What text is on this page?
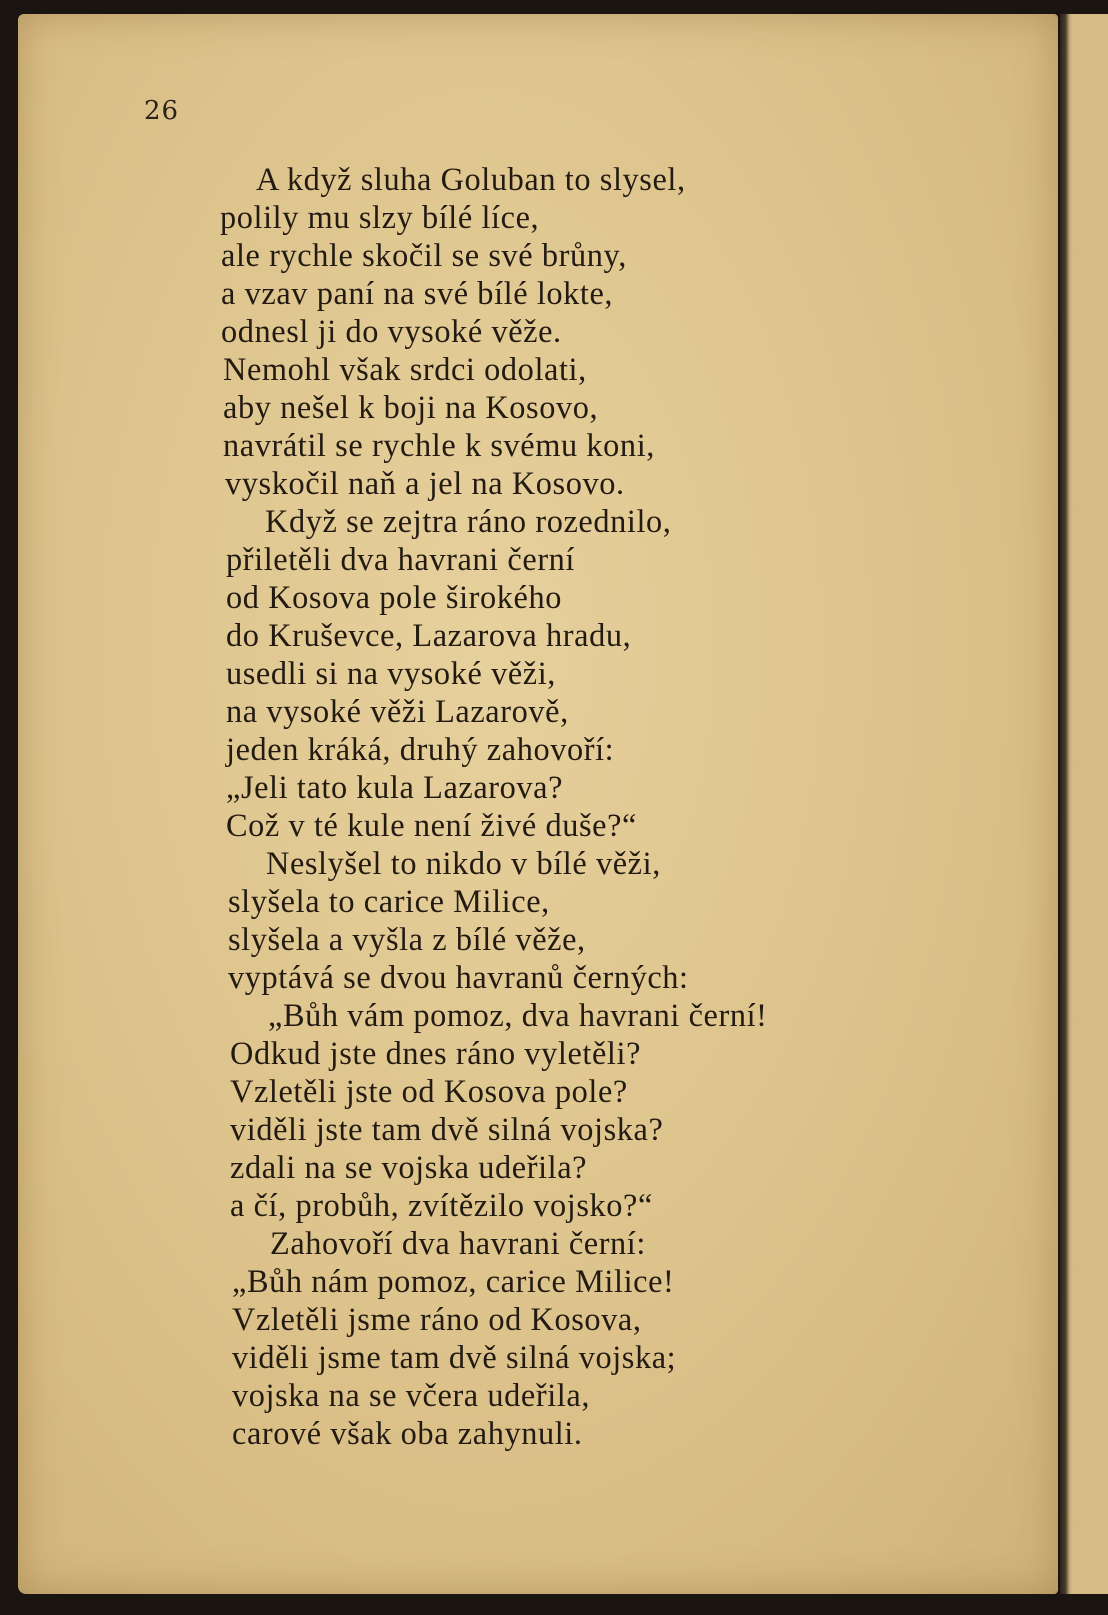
26
A když sluha Goluban to slysel,
polily mu slzy bílé líce,
ale rychle skočil se své brůny,
a vzav paní na své bílé lokte,
odnesl ji do vysoké věže.
Nemohl však srdci odolati,
aby nešel k boji na Kosovo,
navrátil se rychle k svému koni,
vyskočil naň a jel na Kosovo.
Když se zejtra ráno rozednilo,
přiletěli dva havrani černí
od Kosova pole širokého
do Kruševce, Lazarova hradu,
usedli si na vysoké věži,
na vysoké věži Lazarově,
jeden kráká, druhý zahovoří:
„Jeli tato kula Lazarova?
Což v té kule není živé duše?“
Neslyšel to nikdo v bílé věži,
slyšela to carice Milice,
slyšela a vyšla z bílé věže,
vyptává se dvou havranů černých:
„Bůh vám pomoz, dva havrani černí!
Odkud jste dnes ráno vyletěli?
Vzletěli jste od Kosova pole?
viděli jste tam dvě silná vojska?
zdali na se vojska udeřila?
a čí, probůh, zvítězilo vojsko?“
Zahovoří dva havrani černí:
„Bůh nám pomoz, carice Milice!
Vzletěli jsme ráno od Kosova,
viděli jsme tam dvě silná vojska;
vojska na se včera udeřila,
carové však oba zahynuli.
